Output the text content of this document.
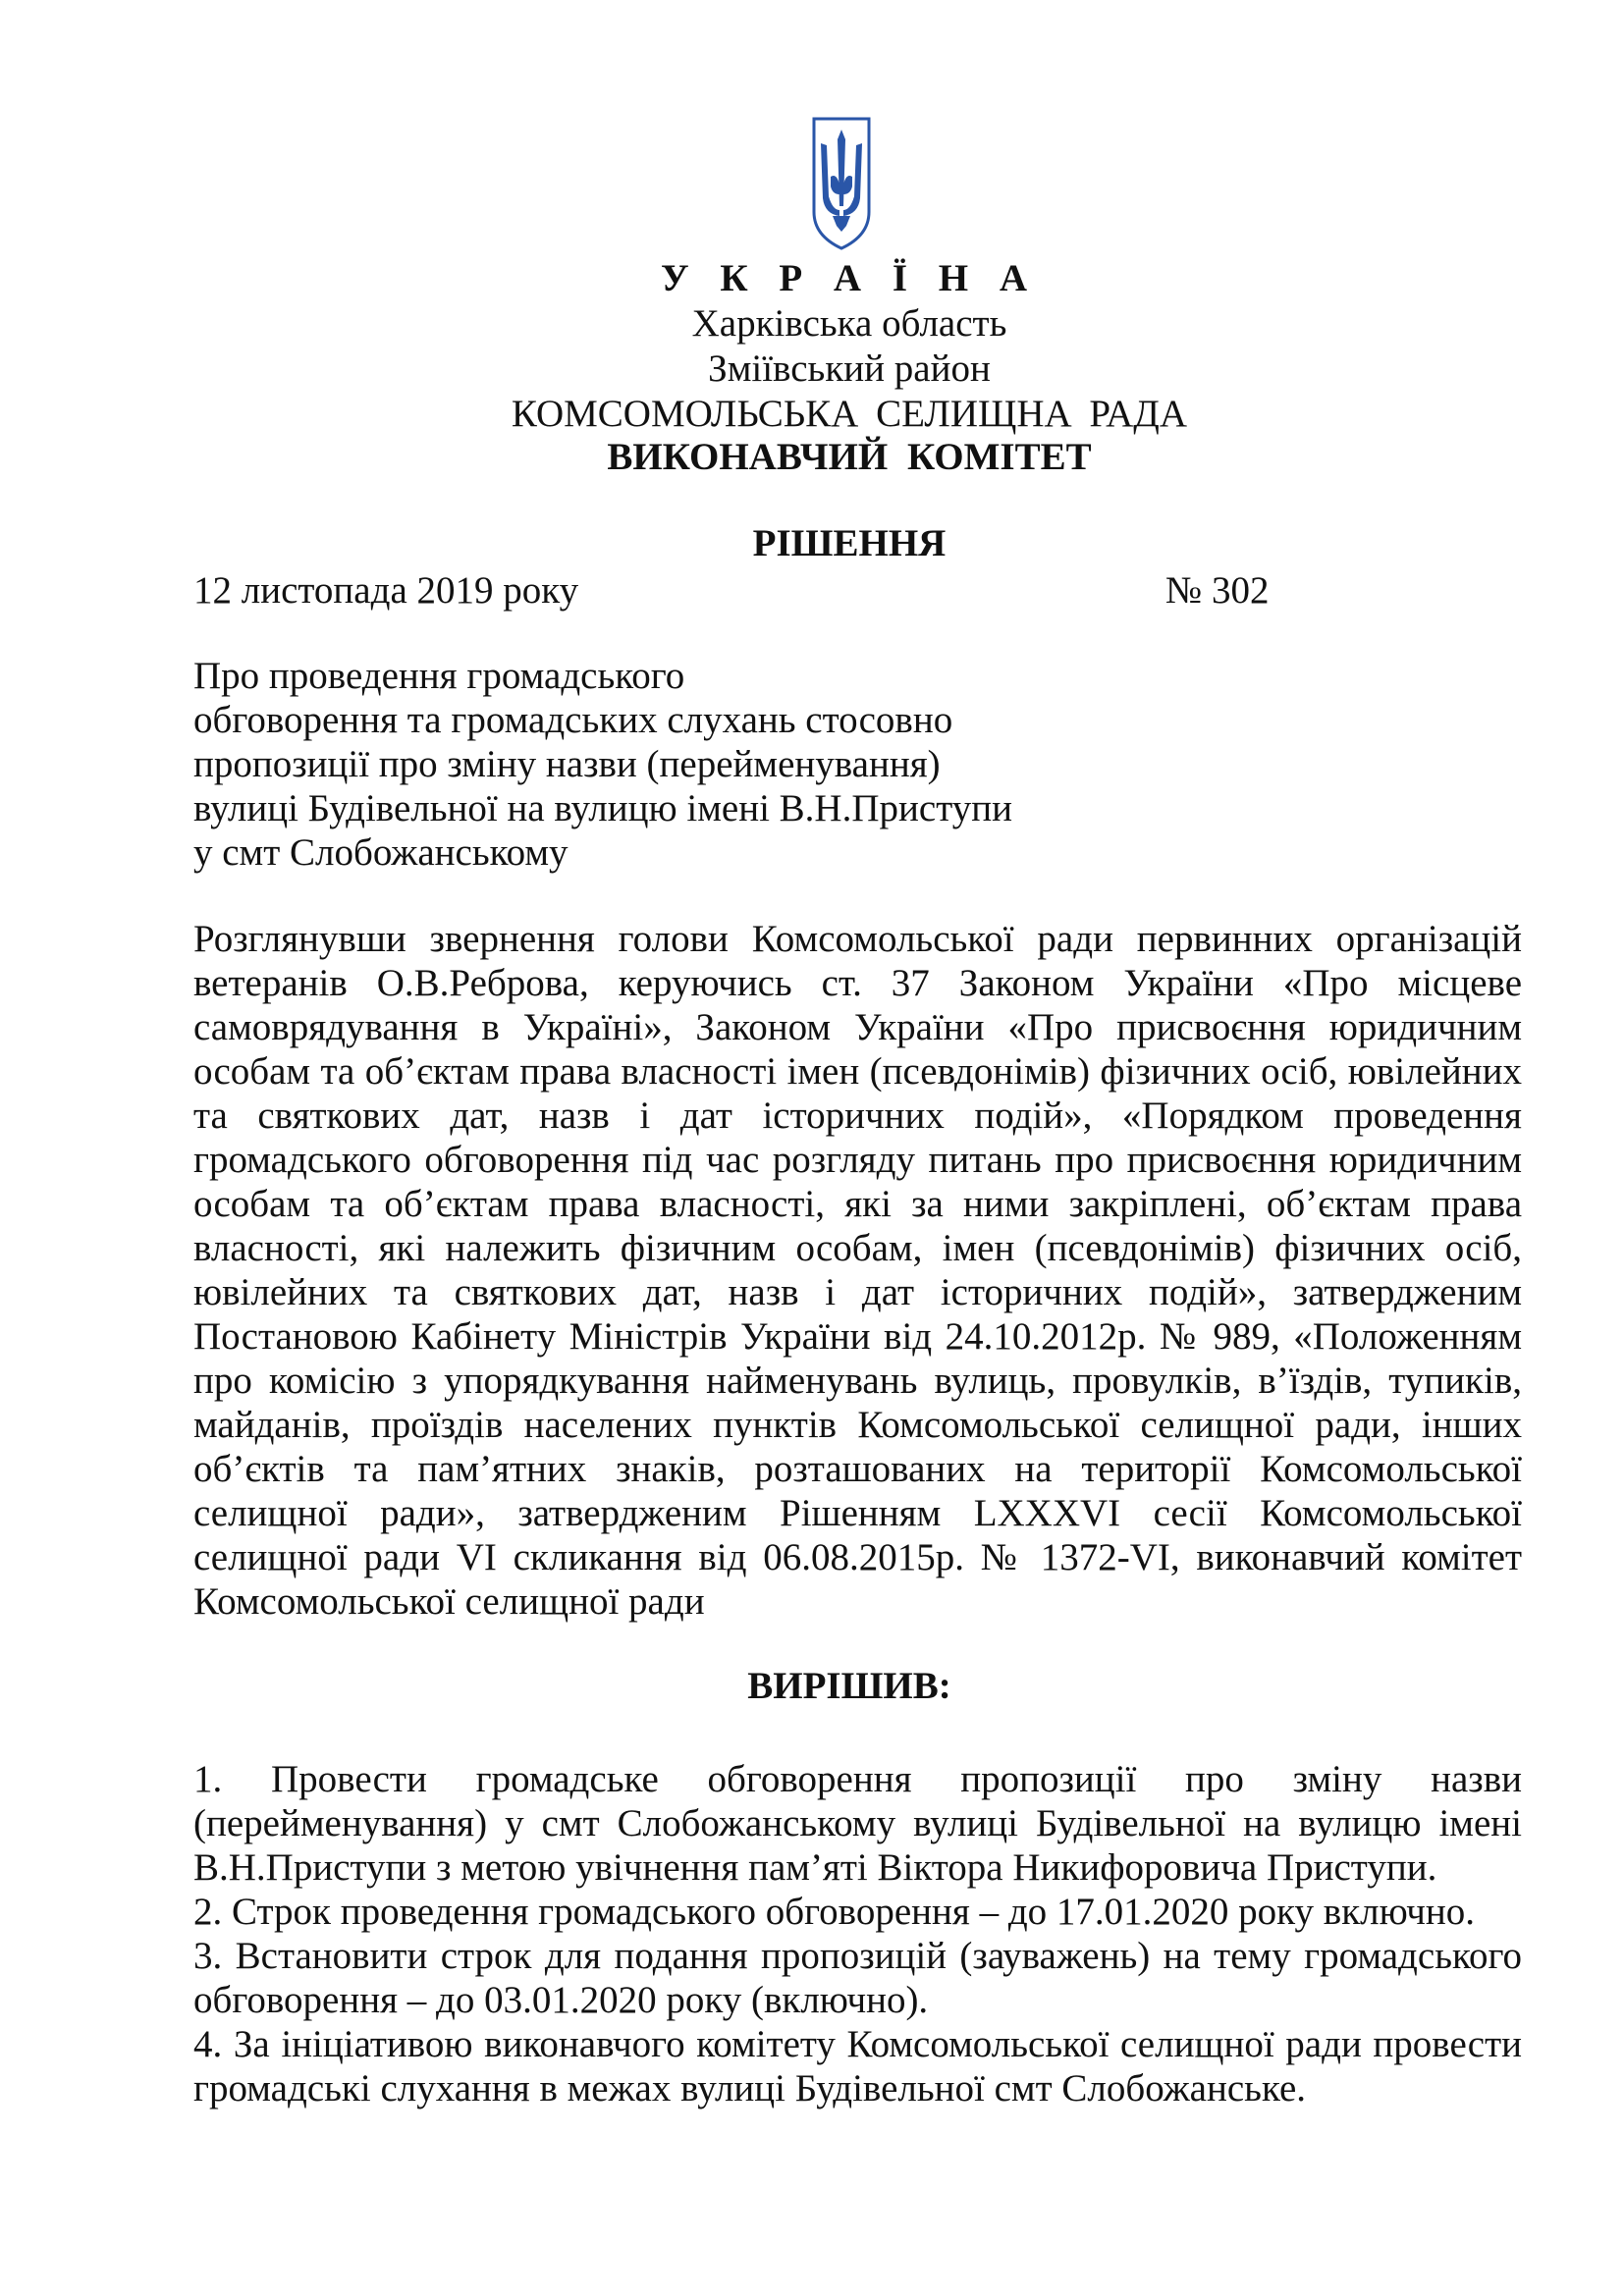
У К Р А Ї Н А
Харківська область
Зміївський район
КОМСОМОЛЬСЬКА СЕЛИЩНА РАДА
ВИКОНАВЧИЙ КОМІТЕТ
РІШЕННЯ
12 листопада 2019 року	№ 302
Про проведення громадського
обговорення та громадських слухань стосовно
пропозиції про зміну назви (перейменування)
вулиці Будівельної на вулицю імені В.Н.Приступи
у смт Слобожанському
Розглянувши звернення голови Комсомольської ради первинних організацій ветеранів О.В.Реброва, керуючись ст. 37 Законом України «Про місцеве самоврядування в Україні», Законом України «Про присвоєння юридичним особам та об’єктам права власності імен (псевдонімів) фізичних осіб, ювілейних та святкових дат, назв і дат історичних подій», «Порядком проведення громадського обговорення під час розгляду питань про присвоєння юридичним особам та об’єктам права власності, які за ними закріплені, об’єктам права власності, які належить фізичним особам, імен (псевдонімів) фізичних осіб, ювілейних та святкових дат, назв і дат історичних подій», затвердженим Постановою Кабінету Міністрів України від 24.10.2012р. № 989, «Положенням про комісію з упорядкування найменувань вулиць, провулків, в’їздів, тупиків, майданів, проїздів населених пунктів Комсомольської селищної ради, інших об’єктів та пам’ятних знаків, розташованих на території Комсомольської селищної ради», затвердженим Рішенням LXXXVI сесії Комсомольської селищної ради VI скликання від 06.08.2015р. № 1372-VI, виконавчий комітет Комсомольської селищної ради
ВИРІШИВ:
1. Провести громадське обговорення пропозиції про зміну назви (перейменування) у смт Слобожанському вулиці Будівельної на вулицю імені В.Н.Приступи з метою увічнення пам’яті Віктора Никифоровича Приступи.
2. Строк проведення громадського обговорення – до 17.01.2020 року включно.
3. Встановити строк для подання пропозицій (зауважень) на тему громадського обговорення – до 03.01.2020 року (включно).
4. За ініціативою виконавчого комітету Комсомольської селищної ради провести громадські слухання в межах вулиці Будівельної смт Слобожанське.
